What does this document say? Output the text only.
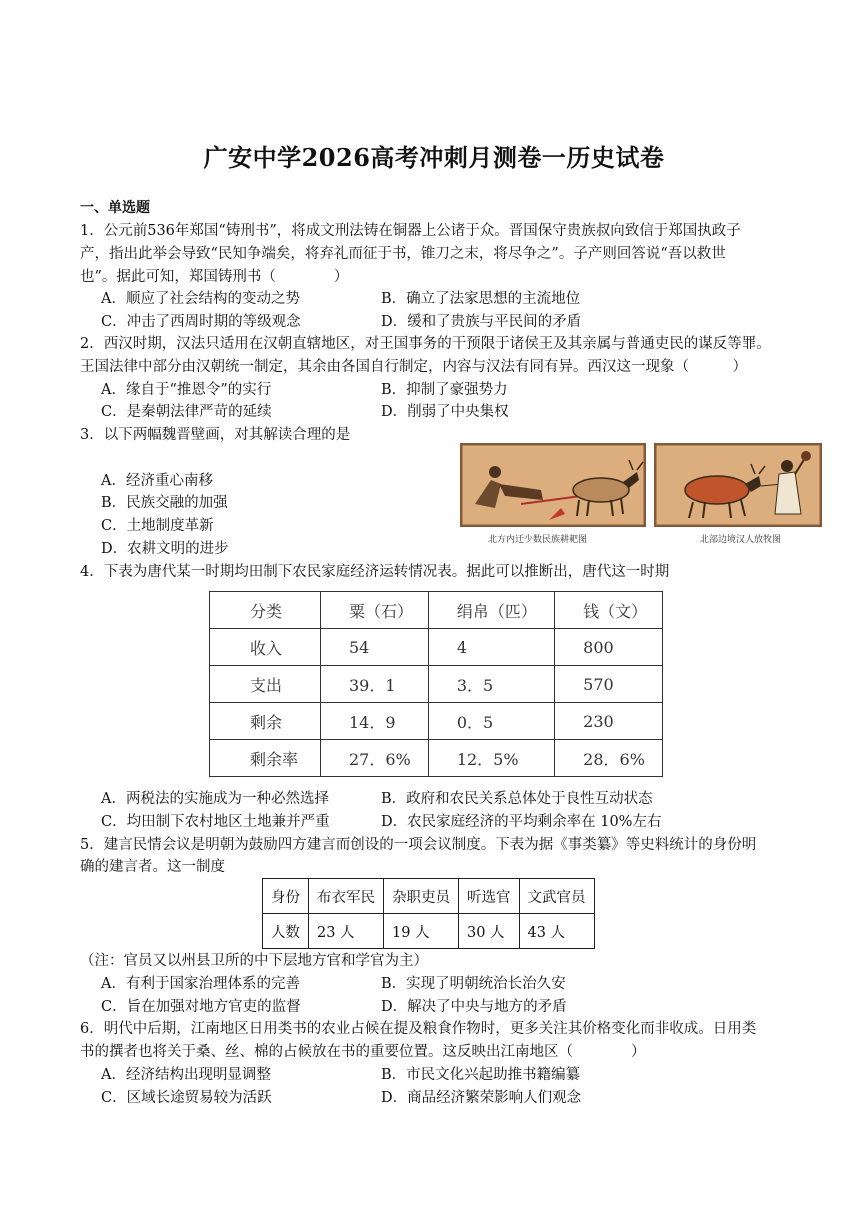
广安中学2026高考冲刺月测卷一历史试卷
一、单选题
1．公元前536年郑国“铸刑书”，将成文刑法铸在铜器上公诸于众。晋国保守贵族叔向致信于郑国执政子
产，指出此举会导致“民知争端矣，将弃礼而征于书，锥刀之末，将尽争之”。子产则回答说“吾以救世
也”。据此可知，郑国铸刑书（　　　　）
A．顺应了社会结构的变动之势	B．确立了法家思想的主流地位
C．冲击了西周时期的等级观念	D．缓和了贵族与平民间的矛盾
2．西汉时期，汉法只适用在汉朝直辖地区，对王国事务的干预限于诸侯王及其亲属与普通吏民的谋反等罪。
王国法律中部分由汉朝统一制定，其余由各国自行制定，内容与汉法有同有异。西汉这一现象（　　　）
A．缘自于“推恩令”的实行	B．抑制了豪强势力
C．是秦朝法律严苛的延续	D．削弱了中央集权
3．以下两幅魏晋壁画，对其解读合理的是
A．经济重心南移
B．民族交融的加强
C．土地制度革新
D．农耕文明的进步
北方内迁少数民族耕耙图	北部边境汉人放牧图
4．下表为唐代某一时期均田制下农民家庭经济运转情况表。据此可以推断出，唐代这一时期
分类	粟（石）	绢帛（匹）	钱（文）
收入	54	4	800
支出	39．1	3．5	570
剩余	14．9	0．5	230
剩余率	27．6%	12．5%	28．6%
A．两税法的实施成为一种必然选择	B．政府和农民关系总体处于良性互动状态
C．均田制下农村地区土地兼并严重	D．农民家庭经济的平均剩余率在 10%左右
5．建言民情会议是明朝为鼓励四方建言而创设的一项会议制度。下表为据《事类纂》等史料统计的身份明
确的建言者。这一制度
身份	布衣军民	杂职吏员	听选官	文武官员
人数	23 人	19 人	30 人	43 人
（注：官员又以州县卫所的中下层地方官和学官为主）
A．有利于国家治理体系的完善	B．实现了明朝统治长治久安
C．旨在加强对地方官吏的监督	D．解决了中央与地方的矛盾
6．明代中后期，江南地区日用类书的农业占候在提及粮食作物时，更多关注其价格变化而非收成。日用类
书的撰者也将关于桑、丝、棉的占候放在书的重要位置。这反映出江南地区（　　　　）
A．经济结构出现明显调整	B．市民文化兴起助推书籍编纂
C．区域长途贸易较为活跃	D．商品经济繁荣影响人们观念
